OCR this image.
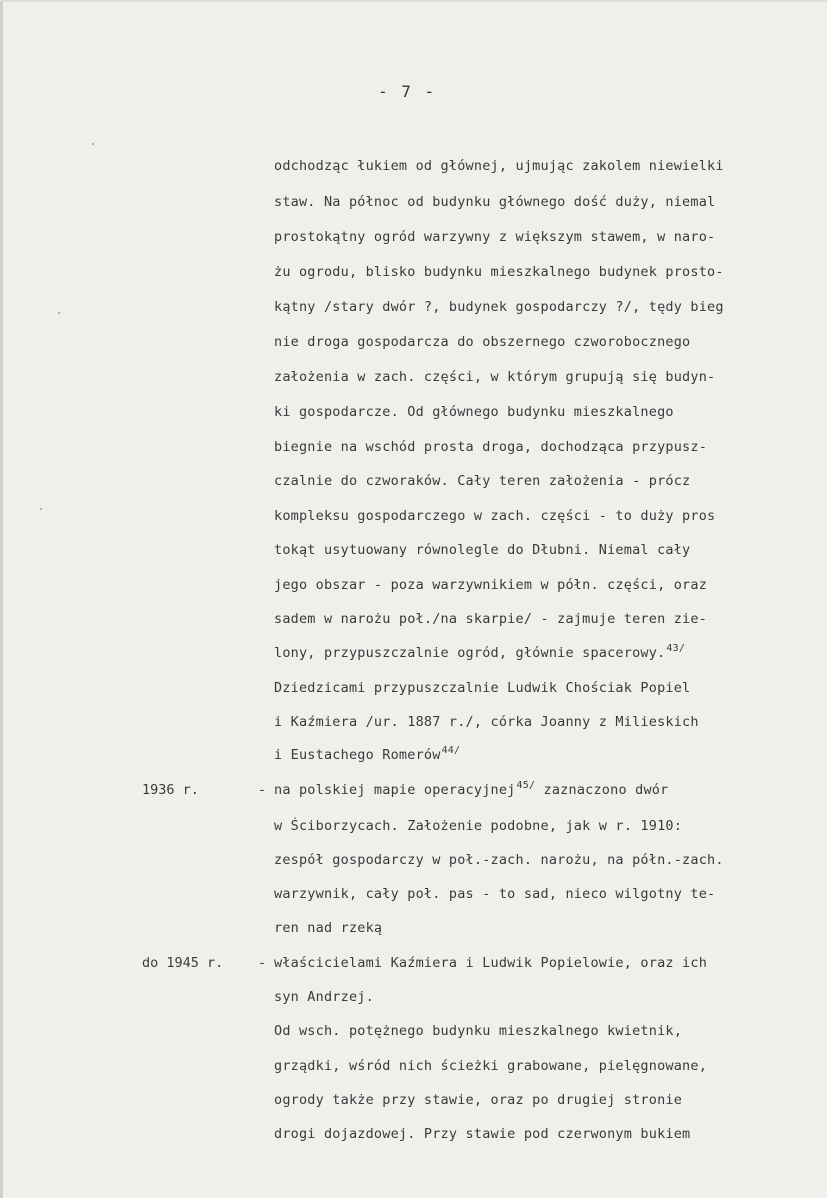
- 7 -
odchodząc łukiem od głównej, ujmując zakolem niewielki
staw. Na północ od budynku głównego dość duży, niemal
prostokątny ogród warzywny z większym stawem, w naro-
żu ogrodu, blisko budynku mieszkalnego budynek prosto-
kątny /stary dwór ?, budynek gospodarczy ?/, tędy bieg
nie droga gospodarcza do obszernego czworobocznego
założenia w zach. części, w którym grupują się budyn-
ki gospodarcze. Od głównego budynku mieszkalnego
biegnie na wschód prosta droga, dochodząca przypusz-
czalnie do czworaków. Cały teren założenia - prócz
kompleksu gospodarczego w zach. części - to duży pros
tokąt usytuowany równolegle do Dłubni. Niemal cały
jego obszar - poza warzywnikiem w półn. części, oraz
sadem w narożu poł./na skarpie/ - zajmuje teren zie-
lony, przypuszczalnie ogród, głównie spacerowy.$^{43/}$
Dziedzicami przypuszczalnie Ludwik Chościak Popiel
i Kaźmiera /ur. 1887 r./, córka Joanny z Milieskich
i Eustachego Romerów$^{44/}$
1936 r.	- na polskiej mapie operacyjnej$^{45/}$ zaznaczono dwór
w Ściborzycach. Założenie podobne, jak w r. 1910:
zespół gospodarczy w poł.-zach. narożu, na półn.-zach.
warzywnik, cały poł. pas - to sad, nieco wilgotny te-
ren nad rzeką
do 1945 r.	- właścicielami Kaźmiera i Ludwik Popielowie, oraz ich
syn Andrzej.
Od wsch. potężnego budynku mieszkalnego kwietnik,
grządki, wśród nich ścieżki grabowane, pielęgnowane,
ogrody także przy stawie, oraz po drugiej stronie
drogi dojazdowej. Przy stawie pod czerwonym bukiem
